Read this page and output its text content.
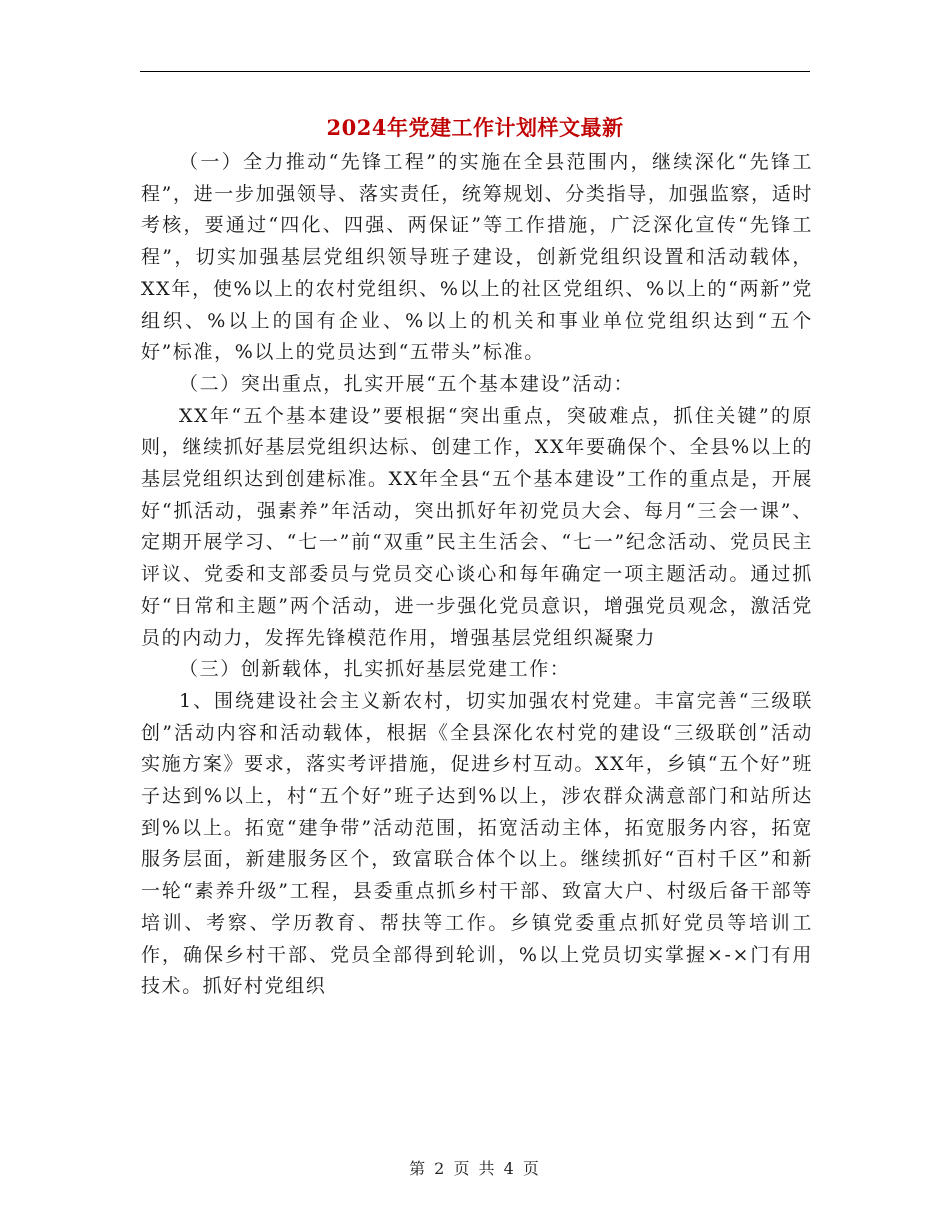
2024年党建工作计划样文最新

（一）全力推动“先锋工程”的实施在全县范围内，继续深化“先锋工程”，进一步加强领导、落实责任，统筹规划、分类指导，加强监察，适时考核，要通过“四化、四强、两保证”等工作措施，广泛深化宣传“先锋工程”，切实加强基层党组织领导班子建设，创新党组织设置和活动载体，XX年，使%以上的农村党组织、%以上的社区党组织、%以上的“两新”党组织、%以上的国有企业、%以上的机关和事业单位党组织达到“五个好”标准，%以上的党员达到“五带头”标准。

（二）突出重点，扎实开展“五个基本建设”活动：

XX年“五个基本建设”要根据“突出重点，突破难点，抓住关键”的原则，继续抓好基层党组织达标、创建工作，XX年要确保个、全县%以上的基层党组织达到创建标准。XX年全县“五个基本建设”工作的重点是，开展好“抓活动，强素养”年活动，突出抓好年初党员大会、每月“三会一课”、定期开展学习、“七一”前“双重”民主生活会、“七一”纪念活动、党员民主评议、党委和支部委员与党员交心谈心和每年确定一项主题活动。通过抓好“日常和主题”两个活动，进一步强化党员意识，增强党员观念，激活党员的内动力，发挥先锋模范作用，增强基层党组织凝聚力

（三）创新载体，扎实抓好基层党建工作：

1、围绕建设社会主义新农村，切实加强农村党建。丰富完善“三级联创”活动内容和活动载体，根据《全县深化农村党的建设“三级联创”活动实施方案》要求，落实考评措施，促进乡村互动。XX年，乡镇“五个好”班子达到%以上，村“五个好”班子达到%以上，涉农群众满意部门和站所达到%以上。拓宽“建争带”活动范围，拓宽活动主体，拓宽服务内容，拓宽服务层面，新建服务区个，致富联合体个以上。继续抓好“百村千区”和新一轮“素养升级”工程，县委重点抓乡村干部、致富大户、村级后备干部等培训、考察、学历教育、帮扶等工作。乡镇党委重点抓好党员等培训工作，确保乡村干部、党员全部得到轮训，%以上党员切实掌握×-×门有用技术。抓好村党组织

第 2 页 共 4 页
